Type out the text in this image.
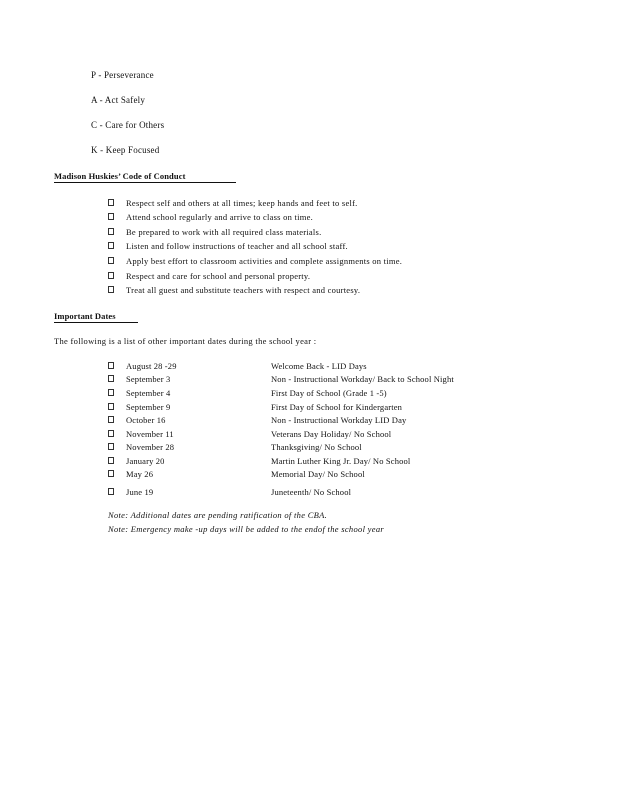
P - Perseverance
A - Act Safely
C - Care for Others
K - Keep Focused
Madison Huskies’ Code of Conduct
Respect self and others at all times; keep hands and feet to self.
Attend school regularly and arrive to class on time.
Be prepared to work with all required class materials.
Listen and follow instructions of teacher and all school staff.
Apply best effort to classroom activities and complete assignments on time.
Respect and care for school and personal property.
Treat all guest and substitute teachers with respect and courtesy.
Important Dates
The following is a list of other important dates during the school year :
August 28 -29	Welcome Back - LID Days
September 3	Non - Instructional Workday/ Back to School Night
September 4	First Day of School (Grade 1 -5)
September 9	First Day of School for Kindergarten
October 16	Non - Instructional Workday LID Day
November 11	Veterans Day Holiday/ No School
November 28	Thanksgiving/ No School
January 20	Martin Luther King Jr. Day/ No School
May 26	Memorial Day/ No School
June 19	Juneteenth/ No School
Note: Additional dates are pending ratification of the CBA.
Note: Emergency make -up days will be added to the endof the school year
